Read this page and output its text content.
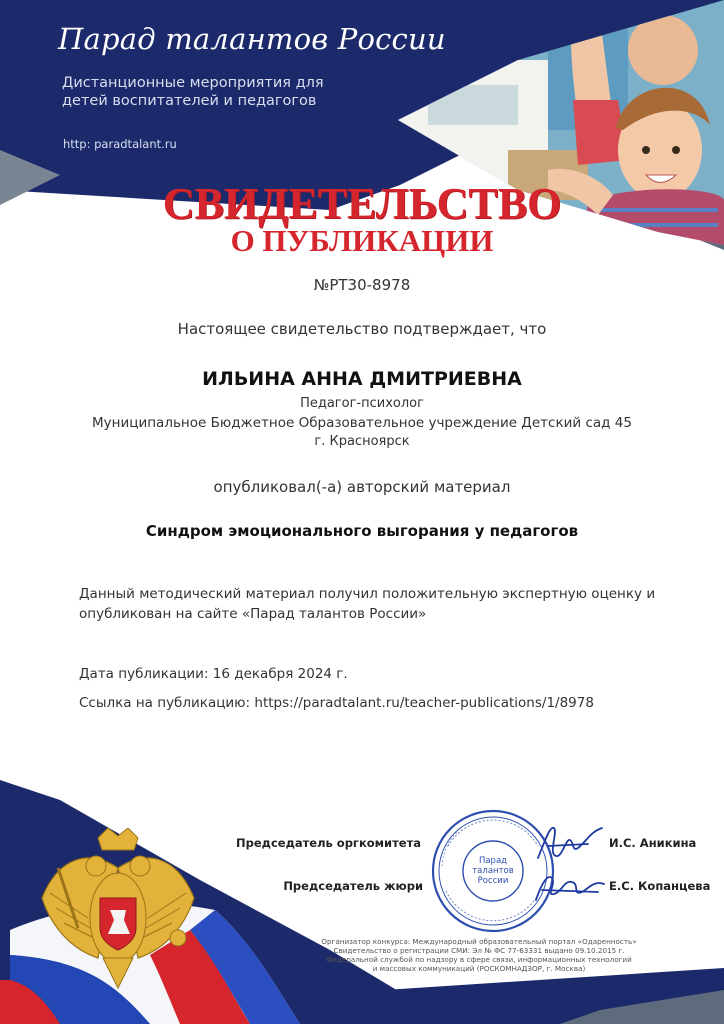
Парад талантов России
Дистанционные мероприятия для детей воспитателей и педагогов
http: paradtalant.ru
СВИДЕТЕЛЬСТВО
О ПУБЛИКАЦИИ
№PT30-8978
Настоящее свидетельство подтверждает, что
ИЛЬИНА АННА ДМИТРИЕВНА
Педагог-психолог
Муниципальное Бюджетное Образовательное учреждение Детский сад 45
г. Красноярск
опубликовал(-а) авторский материал
Синдром эмоционального выгорания у педагогов
Данный методический материал получил положительную экспертную оценку и опубликован на сайте «Парад талантов России»
Дата публикации: 16 декабря 2024 г.
Ссылка на публикацию: https://paradtalant.ru/teacher-publications/1/8978
Председатель оргкомитета	И.С. Аникина
Председатель жюри	Е.С. Копанцева
Парад
талантов
России
Организатор конкурса: Международный образовательный портал «Одаренность»
Свидетельство о регистрации СМИ: Эл № ФС 77-63331 выдано 09.10.2015 г.
Федеральной службой по надзору в сфере связи, информационных технологий
и массовых коммуникаций (РОСКОМНАДЗОР, г. Москва)
